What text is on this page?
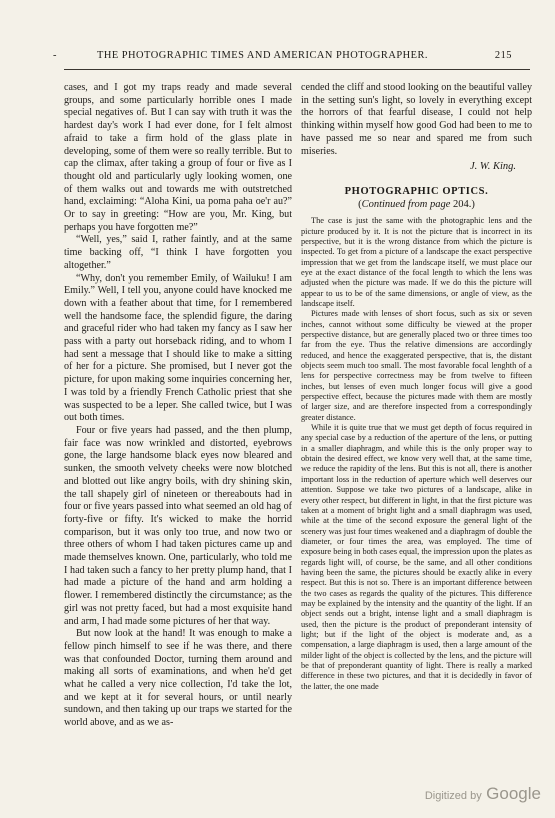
-	THE PHOTOGRAPHIC TIMES AND AMERICAN PHOTOGRAPHER.	215

cases, and I got my traps ready and made several groups, and some particularly horrible ones I made special negatives of. But I can say with truth it was the hardest day's work I had ever done, for I felt almost afraid to take a firm hold of the glass plate in developing, some of them were so really terrible. But to cap the climax, after taking a group of four or five as I thought old and particularly ugly looking women, one of them walks out and towards me with outstretched hand, exclaiming: “Aloha Kini, ua poma paha oe'r au?” Or to say in greeting: “How are you, Mr. King, but perhaps you have forgotten me?”

“Well, yes,” said I, rather faintly, and at the same time backing off, “I think I have forgotten you altogether.”

“Why, don't you remember Emily, of Wailuku! I am Emily.” Well, I tell you, anyone could have knocked me down with a feather about that time, for I remembered well the handsome face, the splendid figure, the daring and graceful rider who had taken my fancy as I saw her pass with a party out horseback riding, and to whom I had sent a message that I should like to make a sitting of her for a picture. She promised, but I never got the picture, for upon making some inquiries concerning her, I was told by a friendly French Catholic priest that she was suspected to be a leper. She called twice, but I was out both times.

Four or five years had passed, and the then plump, fair face was now wrinkled and distorted, eyebrows gone, the large handsome black eyes now bleared and sunken, the smooth velvety cheeks were now blotched and blotted out like angry boils, with dry shining skin, the tall shapely girl of nineteen or thereabouts had in four or five years passed into what seemed an old hag of forty-five or fifty. It's wicked to make the horrid comparison, but it was only too true, and now two or three others of whom I had taken pictures came up and made themselves known. One, particularly, who told me I had taken such a fancy to her pretty plump hand, that I had made a picture of the hand and arm holding a flower. I remembered distinctly the circumstance; as the girl was not pretty faced, but had a most exquisite hand and arm, I had made some pictures of her that way.

But now look at the hand! It was enough to make a fellow pinch himself to see if he was there, and there was that confounded Doctor, turning them around and making all sorts of examinations, and when he'd get what he called a very nice collection, I'd take the lot, and we kept at it for several hours, or until nearly sundown, and then taking up our traps we started for the world above, and as we as-

cended the cliff and stood looking on the beautiful valley in the setting sun's light, so lovely in everything except the horrors of that fearful disease, I could not help thinking within myself how good God had been to me to have passed me so near and spared me from such miseries.

J. W. King.
PHOTOGRAPHIC OPTICS.
(Continued from page 204.)

The case is just the same with the photographic lens and the picture produced by it. It is not the picture that is incorrect in its perspective, but it is the wrong distance from which the picture is inspected. To get from a picture of a landscape the exact perspective impression that we get from the landscape itself, we must place our eye at the exact distance of the focal length to which the lens was adjusted when the picture was made. If we do this the picture will appear to us to be of the same dimensions, or angle of view, as the landscape itself.

Pictures made with lenses of short focus, such as six or seven inches, cannot without some difficulty be viewed at the proper perspective distance, but are generally placed two or three times too far from the eye. Thus the relative dimensions are accordingly reduced, and hence the exaggerated perspective, that is, the distant objects seem much too small. The most favorable focal lenghth of a lens for perspective correctness may be from twelve to fifteen inches, but lenses of even much longer focus will give a good perspective effect, because the pictures made with them are mostly of larger size, and are therefore inspected from a correspondingly greater distance.

While it is quite true that we must get depth of focus required in any special case by a reduction of the aperture of the lens, or putting in a smaller diaphragm, and while this is the only proper way to obtain the desired effect, we know very well that, at the same time, we reduce the rapidity of the lens. But this is not all, there is another important loss in the reduction of aperture which well deserves our attention. Suppose we take two pictures of a landscape, alike in every other respect, but different in light, in that the first picture was taken at a moment of bright light and a small diaphragm was used, while at the time of the second exposure the general light of the scenery was just four times weakened and a diaphragm of double the diameter, or four times the area, was employed. The time of exposure being in both cases equal, the impression upon the plates as regards light will, of course, be the same, and all other conditions having been the same, the pictures should be exactly alike in every respect. But this is not so. There is an important difference between the two cases as regards the quality of the pictures. This difference may be explained by the intensity and the quantity of the light. If an object sends out a bright, intense light and a small diaphragm is used, then the picture is the product of preponderant intensity of light; but if the light of the object is moderate and, as a compensation, a large diaphragm is used, then a large amount of the milder light of the object is collected by the lens, and the picture will be that of preponderant quantity of light. There is really a marked difference in these two pictures, and that it is decidedly in favor of the latter, the one made

Digitized by Google
